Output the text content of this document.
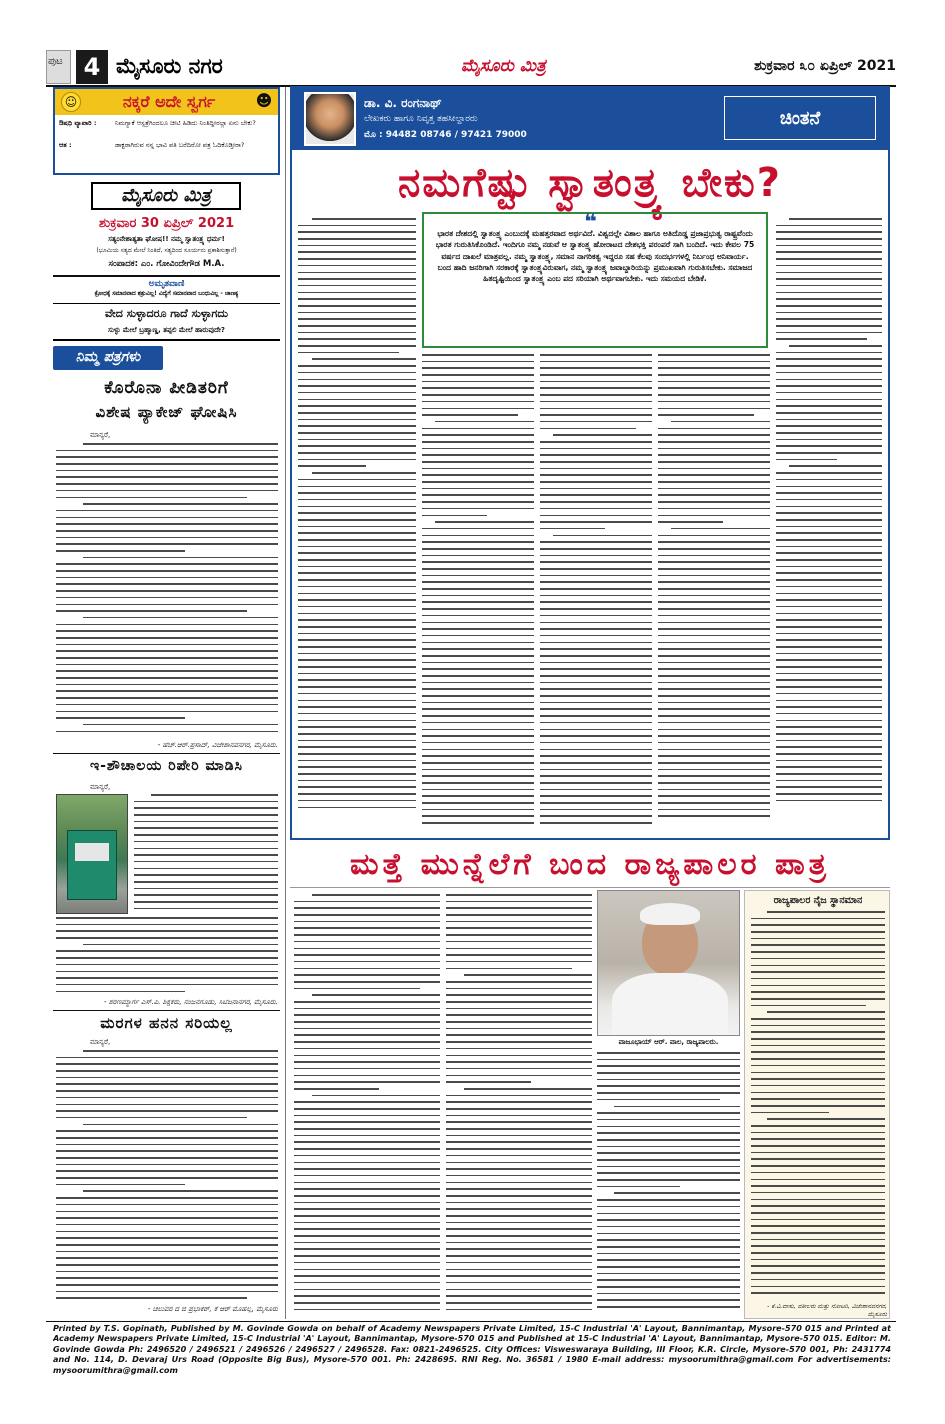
ಪುಟ 4 ಮೈಸೂರು ನಗರ	ಮೈಸೂರು ಮಿತ್ರ	ಶುಕ್ರವಾರ ೩೦ ಏಪ್ರಿಲ್ 2021
☺	ನಕ್ಕರೆ ಅದೇ ಸ್ವರ್ಗ	☻
ಔಷಧಿ ವ್ಯಾಪಾರಿ :	ನಿಮಗ್ಯಾಕೆ ಆಸ್ಪತ್ರೆಗಿಂದಲೂ ಚೀಟಿ ಹಿಡಿದು ನಿಂತಿದ್ದೀರಲ್ಲಾ ಏನು ಬೇಕು?
ಆತ :	ಡಾಕ್ಟರಾಗಿರುವ ನನ್ನ ಭಾವಿ ಪತಿ ಬರೆದಿರೋ ಪತ್ರ ಓದಿಕೊಡ್ತೀರಾ?
ಮೈಸೂರು ಮಿತ್ರ
ಶುಕ್ರವಾರ 30 ಏಪ್ರಿಲ್ 2021
ಸತ್ಯಂನೇಶಾತ್ಯತಾ ಘೋಷ!! ನಮ್ಮ ಸ್ವಾತಂತ್ರ್ಯ ಧರ್ಮ!
(ಭೂಮಿಯ ಸತ್ಯದ ಮೇಲೆ ನಿಂತಿದೆ, ಸತ್ಯದಿಂದ ಸೂರ್ಯನು ಪ್ರಕಾಶಿಸುತ್ತಾನೆ)
ಸಂಪಾದಕ: ಎಂ. ಗೋವಿಂದೇಗೌಡ M.A.
ಅಮೃತವಾಣಿ
ಕ್ರೋಧಕ್ಕೆ ಸಮಾನವಾದ ಶತ್ರುವಿಲ್ಲ! ವಿದ್ಯೆಗೆ ಸಮಾನವಾದ ಬಂಧುವಿಲ್ಲ - ಚಾಣಕ್ಯ
ವೇದ ಸುಳ್ಳಾದರೂ ಗಾದೆ ಸುಳ್ಳಾಗದು
ಸುಳ್ಳು ಮೇಲೆ ಬ್ರಹ್ಮಾಣ್ಡ, ತಪ್ಪಲಿ ಮೇಲೆ ಹಾರುವುದೇ?
ನಿಮ್ಮ ಪತ್ರಗಳು
ಕೊರೊನಾ ಪೀಡಿತರಿಗೆ
ವಿಶೇಷ ಪ್ಯಾಕೇಜ್ ಘೋಷಿಸಿ
ಮಾನ್ಯರೆ,
- ಹೆಚ್.ಆರ್.ಪ್ರಸಾದ್, ವಿಜೇಶಾನವನಗರ, ಮೈಸೂರು.
ಇ-ಶೌಚಾಲಯ ರಿಪೇರಿ ಮಾಡಿಸಿ
ಮಾನ್ಯರೆ,
- ಶರಣಮ್ಮಾರ್ಗ ಎಸ್.ಪಿ. ಶಿಕ್ಷಕರು, ನಂಜನಗೂಡು, ಸಿಟಿಜನಾನಗರ, ಮೈಸೂರು.
ಮರಗಳ ಹನನ ಸರಿಯಲ್ಲ
ಮಾನ್ಯರೆ,
- ಚಲುವರ ದ ಜಿ ಪ್ರಭಾಕರ್, ಕೆ ಆರ್ ಮೊಹಲ್ಲ, ಮೈಸೂರು
ಡಾ. ವಿ. ರಂಗನಾಥ್
ಲೇಖಕರು ಹಾಗೂ ನಿವೃತ್ತ ತಹಸೀಲ್ದಾರರು
ಮೊ : 94482 08746 / 97421 79000
ಚಿಂತನೆ
ನಮಗೆಷ್ಟು ಸ್ವಾತಂತ್ರ್ಯ ಬೇಕು?
❝
ಭಾರತ ದೇಶದಲ್ಲಿ ಸ್ವಾತಂತ್ರ್ಯ ಎಂಬುದಕ್ಕೆ ಮಹತ್ತರವಾದ ಅರ್ಥವಿದೆ. ವಿಶ್ವದಲ್ಲೇ ವಿಶಾಲ ಹಾಗೂ ಅತಿದೊಡ್ಡ ಪ್ರಜಾಪ್ರಭುತ್ವ ರಾಷ್ಟ್ರವೆಂದು ಭಾರತ ಗುರುತಿಸಿಕೊಂಡಿದೆ. ಇಂದಿಗೂ ನಮ್ಮ ನಡುವೆ ಆ ಸ್ವಾತಂತ್ರ್ಯ ಹೋರಾಟದ ದೇಶಭಕ್ತಿ ಪರಂಪರೆ ಸಾಗಿ ಬಂದಿದೆ. ಇದು ಕೇವಲ 75 ವರ್ಷದ ದಾಖಲೆ ಮಾತ್ರವಲ್ಲ. ನಮ್ಮ ಸ್ವಾತಂತ್ರ್ಯ, ಸಮಾನ ನಾಗರಿಕತ್ವ ಇದ್ದರೂ ಸಹ ಕೆಲವು ಸಂದರ್ಭಗಳಲ್ಲಿ ನಿರ್ಬಂಧ ಅನಿವಾರ್ಯ. ಬಂದ ಹಾದಿ ಜನರಿಗಾಗಿ ಸರಕಾರಕ್ಕೆ ಸ್ವಾತಂತ್ರ್ಯವಿರುವಾಗ, ನಮ್ಮ ಸ್ವಾತಂತ್ರ್ಯ ಜವಾಬ್ದಾರಿಯನ್ನು ಪ್ರಮುಖವಾಗಿ ಗುರುತಿಸಬೇಕು. ಸಮಾಜದ ಹಿತದೃಷ್ಟಿಯಿಂದ ಸ್ವಾತಂತ್ರ್ಯ ಎಂಬ ಪದ ಸರಿಯಾಗಿ ಅರ್ಥವಾಗಬೇಕು. ಇದು ಸಮಯದ ಬೇಡಿಕೆ.
ಮತ್ತೆ ಮುನ್ನೆಲೆಗೆ ಬಂದ ರಾಜ್ಯಪಾಲರ ಪಾತ್ರ
ವಾಜೂಭಾಯ್ ಆರ್. ವಾಲ, ರಾಜ್ಯಪಾಲರು.
ರಾಜ್ಯಪಾಲರ ನೈಜ ಸ್ಥಾನಮಾನ
- ಕೆ.ವಿ.ವಾಸು, ವಕೀಲರು ಮತ್ತು ನೋಟರಿ, ವಿಜೇಶಾನವನಗರ, ಮೈಸೂರು
Printed by T.S. Gopinath, Published by M. Govinde Gowda on behalf of Academy Newspapers Private Limited, 15-C Industrial 'A' Layout, Bannimantap, Mysore-570 015 and Printed at Academy Newspapers Private Limited, 15-C Industrial 'A' Layout, Bannimantap, Mysore-570 015 and Published at 15-C Industrial 'A' Layout, Bannimantap, Mysore-570 015. Editor: M. Govinde Gowda Ph: 2496520 / 2496521 / 2496526 / 2496527 / 2496528. Fax: 0821-2496525. City Offices: Visweswaraya Building, III Floor, K.R. Circle, Mysore-570 001, Ph: 2431774 and No. 114, D. Devaraj Urs Road (Opposite Big Bus), Mysore-570 001. Ph: 2428695. RNI Reg. No. 36581 / 1980 E-mail address: mysoorumithra@gmail.com For advertisements: mysoorumithra@gmail.com
